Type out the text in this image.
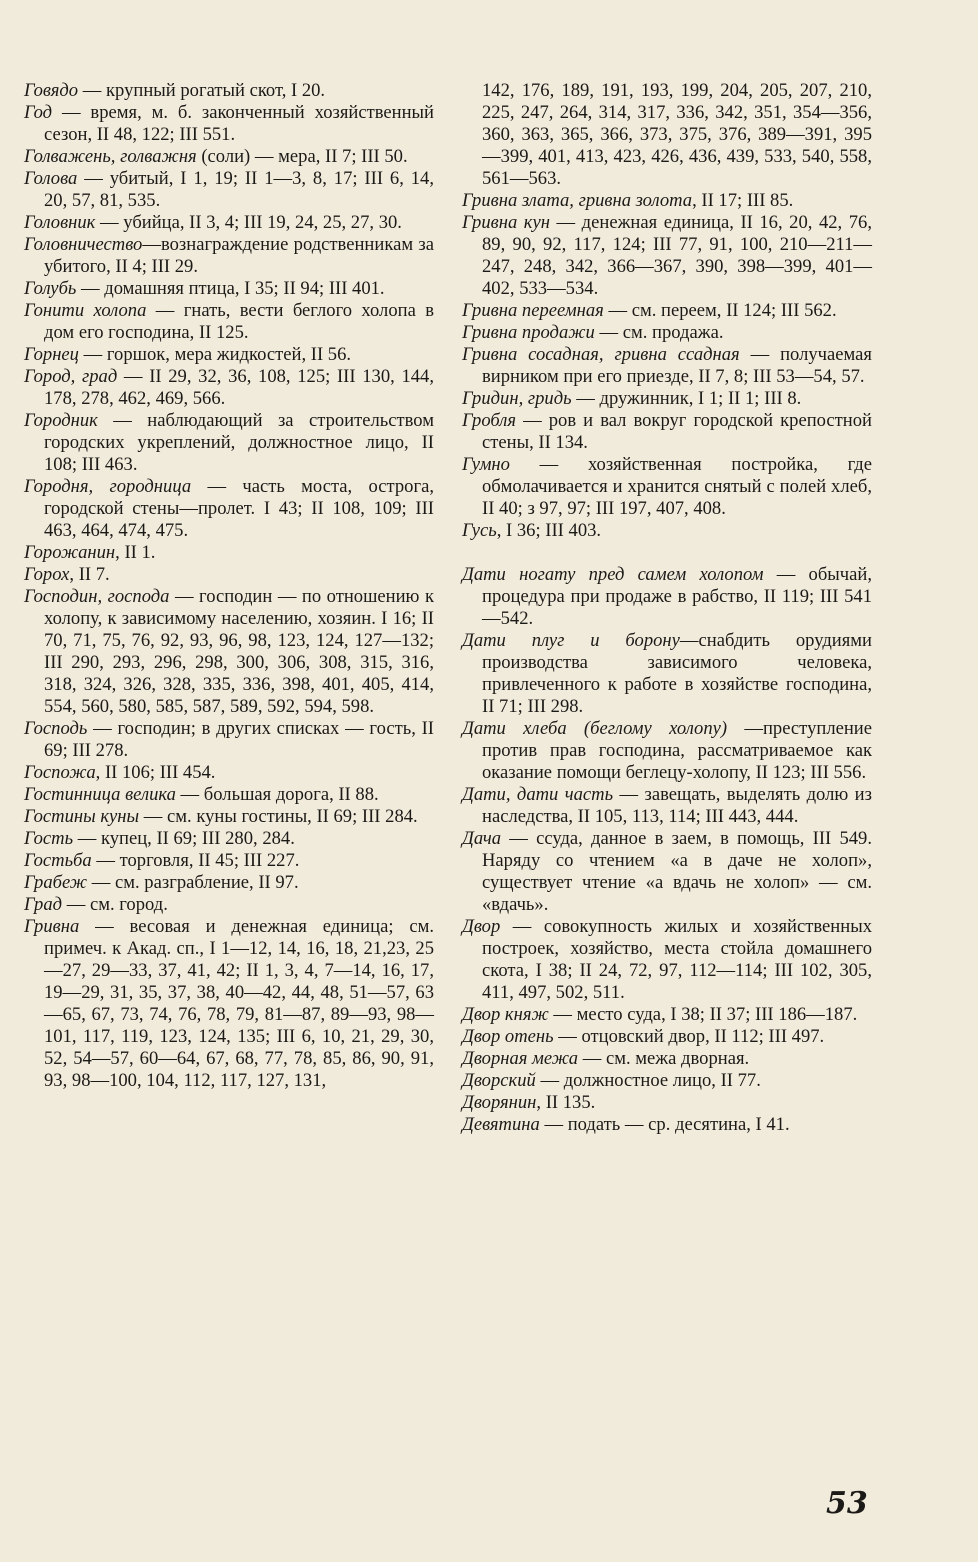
Говядо — крупный рогатый скот, I 20.

Год — время, м. б. законченный хозяйственный сезон, II 48, 122; III 551.

Голважень, голважня (соли) — мера, II 7; III 50.

Голова — убитый, I 1, 19; II 1—3, 8, 17; III 6, 14, 20, 57, 81, 535.

Головник — убийца, II 3, 4; III 19, 24, 25, 27, 30.

Головничество—вознаграждение родственникам за убитого, II 4; III 29.

Голубь — домашняя птица, I 35; II 94; III 401.

Гонити холопа — гнать, вести беглого холопа в дом его господина, II 125.

Горнец — горшок, мера жидкостей, II 56.

Город, град — II 29, 32, 36, 108, 125; III 130, 144, 178, 278, 462, 469, 566.

Городник — наблюдающий за строительством городских укреплений, должностное лицо, II 108; III 463.

Городня, городница — часть моста, острога, городской стены—пролет. I 43; II 108, 109; III 463, 464, 474, 475.

Горожанин, II 1.

Горох, II 7.

Господин, господа — господин — по отношению к холопу, к зависимому населению, хозяин. I 16; II 70, 71, 75, 76, 92, 93, 96, 98, 123, 124, 127—132; III 290, 293, 296, 298, 300, 306, 308, 315, 316, 318, 324, 326, 328, 335, 336, 398, 401, 405, 414, 554, 560, 580, 585, 587, 589, 592, 594, 598.

Господь — господин; в других списках — гость, II 69; III 278.

Госпожа, II 106; III 454.

Гостинница велика — большая дорога, II 88.

Гостины куны — см. куны гостины, II 69; III 284.

Гость — купец, II 69; III 280, 284.

Гостьба — торговля, II 45; III 227.

Грабеж — см. разграбление, II 97.

Град — см. город.

Гривна — весовая и денежная единица; см. примеч. к Акад. сп., I 1—12, 14, 16, 18, 21,23, 25—27, 29—33, 37, 41, 42; II 1, 3, 4, 7—14, 16, 17, 19—29, 31, 35, 37, 38, 40—42, 44, 48, 51—57, 63—65, 67, 73, 74, 76, 78, 79, 81—87, 89—93, 98—101, 117, 119, 123, 124, 135; III 6, 10, 21, 29, 30, 52, 54—57, 60—64, 67, 68, 77, 78, 85, 86, 90, 91, 93, 98—100, 104, 112, 117, 127, 131,

142, 176, 189, 191, 193, 199, 204, 205, 207, 210, 225, 247, 264, 314, 317, 336, 342, 351, 354—356, 360, 363, 365, 366, 373, 375, 376, 389—391, 395—399, 401, 413, 423, 426, 436, 439, 533, 540, 558, 561—563.

Гривна злата, гривна золота, II 17; III 85.

Гривна кун — денежная единица, II 16, 20, 42, 76, 89, 90, 92, 117, 124; III 77, 91, 100, 210—211—247, 248, 342, 366—367, 390, 398—399, 401—402, 533—534.

Гривна переемная — см. переем, II 124; III 562.

Гривна продажи — см. продажа.

Гривна сосадная, гривна ссадная — получаемая вирником при его приезде, II 7, 8; III 53—54, 57.

Гридин, гридь — дружинник, I 1; II 1; III 8.

Гробля — ров и вал вокруг городской крепостной стены, II 134.

Гумно — хозяйственная постройка, где обмолачивается и хранится снятый с полей хлеб, II 40; з 97, 97; III 197, 407, 408.

Гусь, I 36; III 403.

Дати ногату пред самем холопом — обычай, процедура при продаже в рабство, II 119; III 541—542.

Дати плуг и борону—снабдить орудиями производства зависимого человека, привлеченного к работе в хозяйстве господина, II 71; III 298.

Дати хлеба (беглому холопу) —преступление против прав господина, рассматриваемое как оказание помощи беглецу-холопу, II 123; III 556.

Дати, дати часть — завещать, выделять долю из наследства, II 105, 113, 114; III 443, 444.

Дача — ссуда, данное в заем, в помощь, III 549. Наряду со чтением «а в даче не холоп», существует чтение «а вдачь не холоп» — см. «вдачь».

Двор — совокупность жилых и хозяйственных построек, хозяйство, места стойла домашнего скота, I 38; II 24, 72, 97, 112—114; III 102, 305, 411, 497, 502, 511.

Двор княж — место суда, I 38; II 37; III 186—187.

Двор отень — отцовский двор, II 112; III 497.

Дворная межа — см. межа дворная.

Дворский — должностное лицо, II 77.

Дворянин, II 135.

Девятина — подать — ср. десятина, I 41.

53
